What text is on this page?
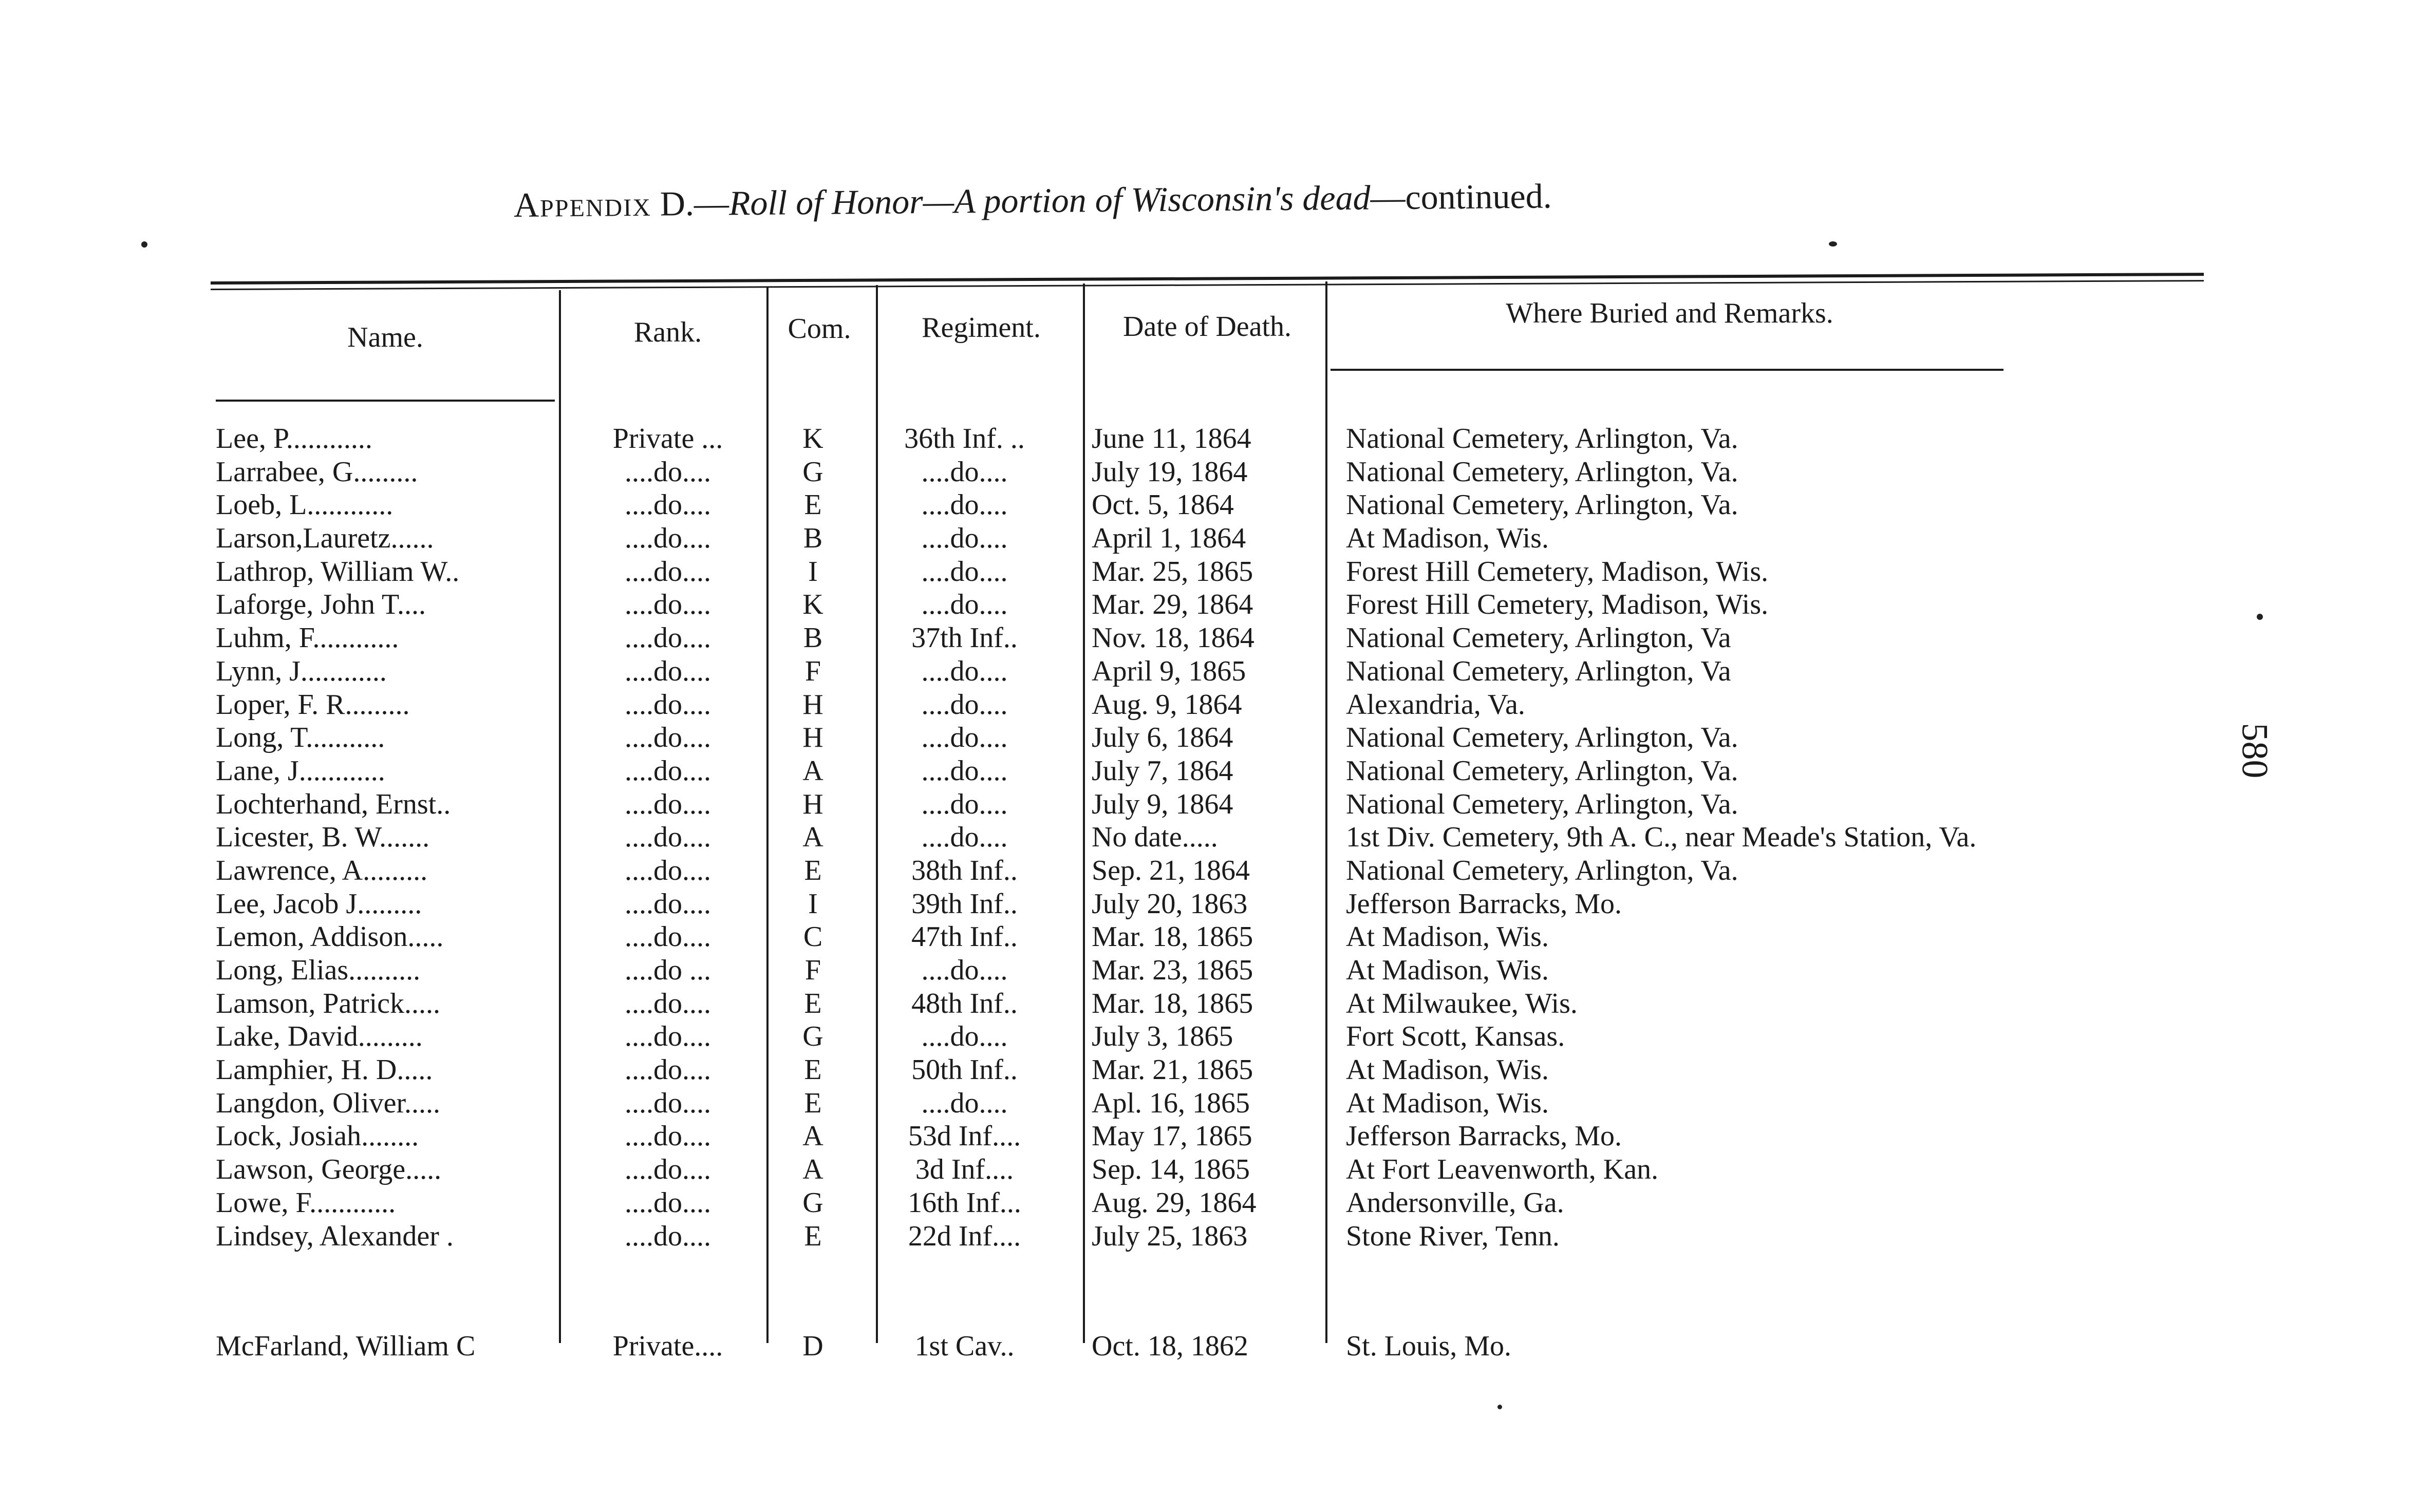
Appendix D.—Roll of Honor—A portion of Wisconsin's dead—continued.
Name.	Rank.	Com.	Regiment.	Date of Death.	Where Buried and Remarks.
Lee, P............	Private ...	K	36th Inf. ..	June 11, 1864	National Cemetery, Arlington, Va.
Larrabee, G.........	....do....	G	....do....	July 19, 1864	National Cemetery, Arlington, Va.
Loeb, L............	....do....	E	....do....	Oct. 5, 1864	National Cemetery, Arlington, Va.
Larson,Lauretz......	....do....	B	....do....	April 1, 1864	At Madison, Wis.
Lathrop, William W..	....do....	I	....do....	Mar. 25, 1865	Forest Hill Cemetery, Madison, Wis.
Laforge, John T....	....do....	K	....do....	Mar. 29, 1864	Forest Hill Cemetery, Madison, Wis.
Luhm, F............	....do....	B	37th Inf..	Nov. 18, 1864	National Cemetery, Arlington, Va
Lynn, J............	....do....	F	....do....	April 9, 1865	National Cemetery, Arlington, Va
Loper, F. R.........	....do....	H	....do....	Aug. 9, 1864	Alexandria, Va.
Long, T...........	....do....	H	....do....	July 6, 1864	National Cemetery, Arlington, Va.
Lane, J............	....do....	A	....do....	July 7, 1864	National Cemetery, Arlington, Va.
Lochterhand, Ernst..	....do....	H	....do....	July 9, 1864	National Cemetery, Arlington, Va.
Licester, B. W.......	....do....	A	....do....	No date.....	1st Div. Cemetery, 9th A. C., near Meade's Station, Va.
Lawrence, A.........	....do....	E	38th Inf..	Sep. 21, 1864	National Cemetery, Arlington, Va.
Lee, Jacob J.........	....do....	I	39th Inf..	July 20, 1863	Jefferson Barracks, Mo.
Lemon, Addison.....	....do....	C	47th Inf..	Mar. 18, 1865	At Madison, Wis.
Long, Elias..........	....do ...	F	....do....	Mar. 23, 1865	At Madison, Wis.
Lamson, Patrick.....	....do....	E	48th Inf..	Mar. 18, 1865	At Milwaukee, Wis.
Lake, David.........	....do....	G	....do....	July 3, 1865	Fort Scott, Kansas.
Lamphier, H. D.....	....do....	E	50th Inf..	Mar. 21, 1865	At Madison, Wis.
Langdon, Oliver.....	....do....	E	....do....	Apl. 16, 1865	At Madison, Wis.
Lock, Josiah........	....do....	A	53d Inf....	May 17, 1865	Jefferson Barracks, Mo.
Lawson, George.....	....do....	A	3d Inf....	Sep. 14, 1865	At Fort Leavenworth, Kan.
Lowe, F............	....do....	G	16th Inf...	Aug. 29, 1864	Andersonville, Ga.
Lindsey, Alexander .	....do....	E	22d Inf....	July 25, 1863	Stone River, Tenn.
McFarland, William C	Private....	D	1st Cav..	Oct. 18, 1862	St. Louis, Mo.
580
